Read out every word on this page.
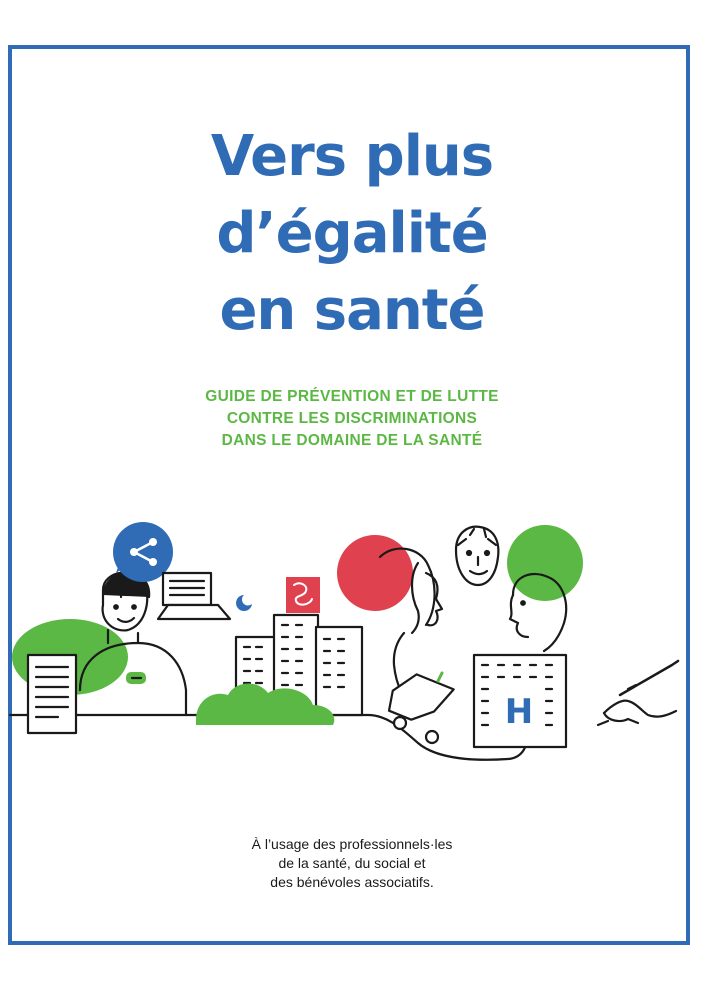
Vers plus
d’égalité
en santé
GUIDE DE PRÉVENTION ET DE LUTTE
CONTRE LES DISCRIMINATIONS
DANS LE DOMAINE DE LA SANTÉ
H
À l’usage des professionnels·les
de la santé, du social et
des bénévoles associatifs.
